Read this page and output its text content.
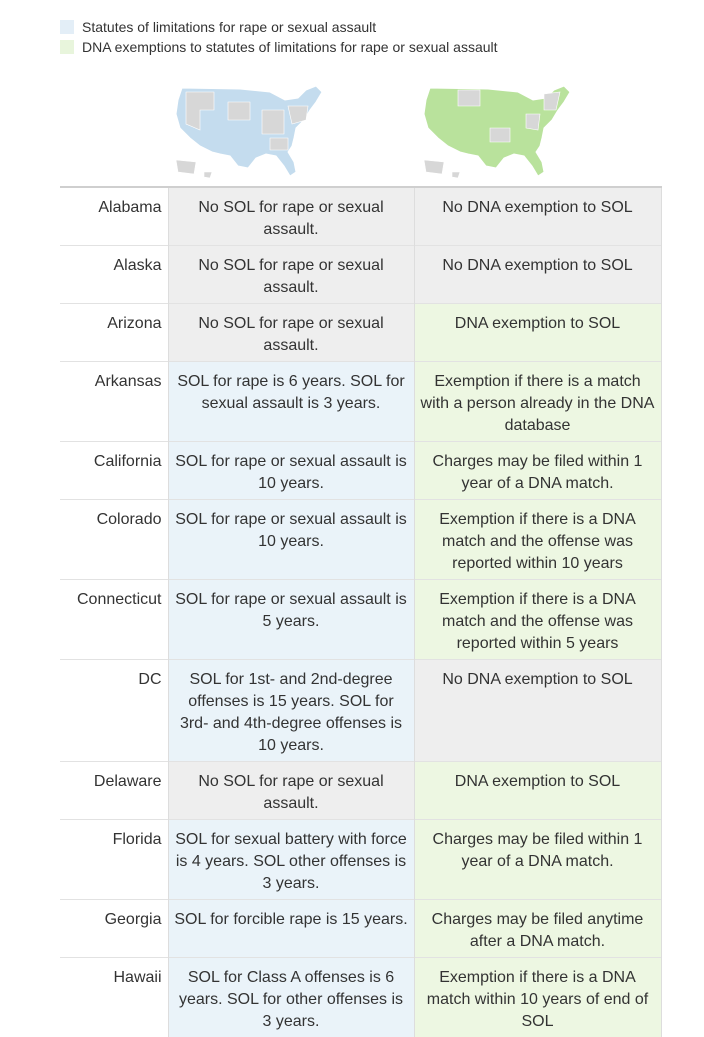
Statutes of limitations for rape or sexual assault
DNA exemptions to statutes of limitations for rape or sexual assault
Alabama	No SOL for rape or sexual assault.	No DNA exemption to SOL
Alaska	No SOL for rape or sexual assault.	No DNA exemption to SOL
Arizona	No SOL for rape or sexual assault.	DNA exemption to SOL
Arkansas	SOL for rape is 6 years. SOL for sexual assault is 3 years.	Exemption if there is a match with a person already in the DNA database
California	SOL for rape or sexual assault is 10 years.	Charges may be filed within 1 year of a DNA match.
Colorado	SOL for rape or sexual assault is 10 years.	Exemption if there is a DNA match and the offense was reported within 10 years
Connecticut	SOL for rape or sexual assault is 5 years.	Exemption if there is a DNA match and the offense was reported within 5 years
DC	SOL for 1st- and 2nd-degree offenses is 15 years. SOL for 3rd- and 4th-degree offenses is 10 years.	No DNA exemption to SOL
Delaware	No SOL for rape or sexual assault.	DNA exemption to SOL
Florida	SOL for sexual battery with force is 4 years. SOL other offenses is 3 years.	Charges may be filed within 1 year of a DNA match.
Georgia	SOL for forcible rape is 15 years.	Charges may be filed anytime after a DNA match.
Hawaii	SOL for Class A offenses is 6 years. SOL for other offenses is 3 years.	Exemption if there is a DNA match within 10 years of end of SOL
